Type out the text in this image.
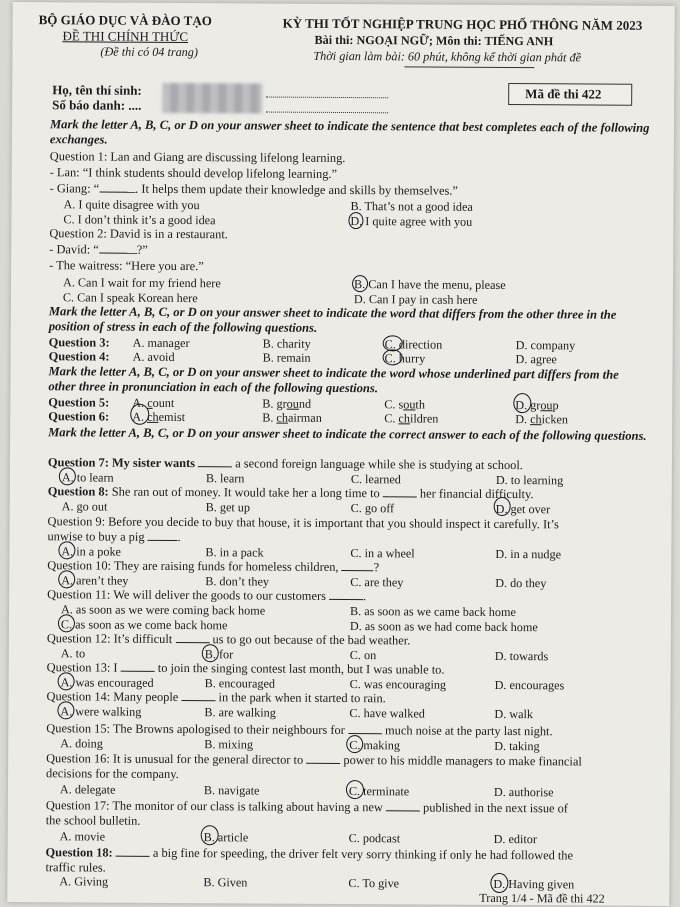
BỘ GIÁO DỤC VÀ ĐÀO TẠO
ĐỀ THI CHÍNH THỨC
(Đề thi có 04 trang)
KỲ THI TỐT NGHIỆP TRUNG HỌC PHỔ THÔNG NĂM 2023
Bài thi: NGOẠI NGỮ; Môn thi: TIẾNG ANH
Thời gian làm bài: 60 phút, không kể thời gian phát đề
Họ, tên thí sinh:
Số báo danh: ....
Mã đề thi 422
Mark the letter A, B, C, or D on your answer sheet to indicate the sentence that best completes each of the following exchanges.
Question 1: Lan and Giang are discussing lifelong learning.
- Lan: “I think students should develop lifelong learning.”
- Giang: “	. It helps them update their knowledge and skills by themselves.”
A. I quite disagree with you	B. That’s not a good idea
C. I don’t think it’s a good idea	D. I quite agree with you
Question 2: David is in a restaurant.
- David: “	?”
- The waitress: “Here you are.”
A. Can I wait for my friend here	B. Can I have the menu, please
C. Can I speak Korean here	D. Can I pay in cash here
Mark the letter A, B, C, or D on your answer sheet to indicate the word that differs from the other three in the position of stress in each of the following questions.
Question 3: A. manager	B. charity	C. direction	D. company
Question 4: A. avoid	B. remain	C. hurry	D. agree
Mark the letter A, B, C, or D on your answer sheet to indicate the word whose underlined part differs from the other three in pronunciation in each of the following questions.
Question 5: A. count	B. ground	C. south	D. group
Question 6: A. chemist	B. chairman	C. children	D. chicken
Mark the letter A, B, C, or D on your answer sheet to indicate the correct answer to each of the following questions.
Question 7: My sister wants	a second foreign language while she is studying at school.
A. to learn	B. learn	C. learned	D. to learning
Question 8: She ran out of money. It would take her a long time to	her financial difficulty.
A. go out	B. get up	C. go off	D. get over
Question 9: Before you decide to buy that house, it is important that you should inspect it carefully. It’s
unwise to buy a pig	.
A. in a poke	B. in a pack	C. in a wheel	D. in a nudge
Question 10: They are raising funds for homeless children,	?
A. aren’t they	B. don’t they	C. are they	D. do they
Question 11: We will deliver the goods to our customers	.
A. as soon as we were coming back home	B. as soon as we came back home
C. as soon as we come back home	D. as soon as we had come back home
Question 12: It’s difficult	us to go out because of the bad weather.
A. to	B. for	C. on	D. towards
Question 13: I	to join the singing contest last month, but I was unable to.
A. was encouraged	B. encouraged	C. was encouraging	D. encourages
Question 14: Many people	in the park when it started to rain.
A. were walking	B. are walking	C. have walked	D. walk
Question 15: The Browns apologised to their neighbours for	much noise at the party last night.
A. doing	B. mixing	C. making	D. taking
Question 16: It is unusual for the general director to	power to his middle managers to make financial
decisions for the company.
A. delegate	B. navigate	C. terminate	D. authorise
Question 17: The monitor of our class is talking about having a new	published in the next issue of
the school bulletin.
A. movie	B. article	C. podcast	D. editor
Question 18:	a big fine for speeding, the driver felt very sorry thinking if only he had followed the
traffic rules.
A. Giving	B. Given	C. To give	D. Having given
Trang 1/4 - Mã đề thi 422
